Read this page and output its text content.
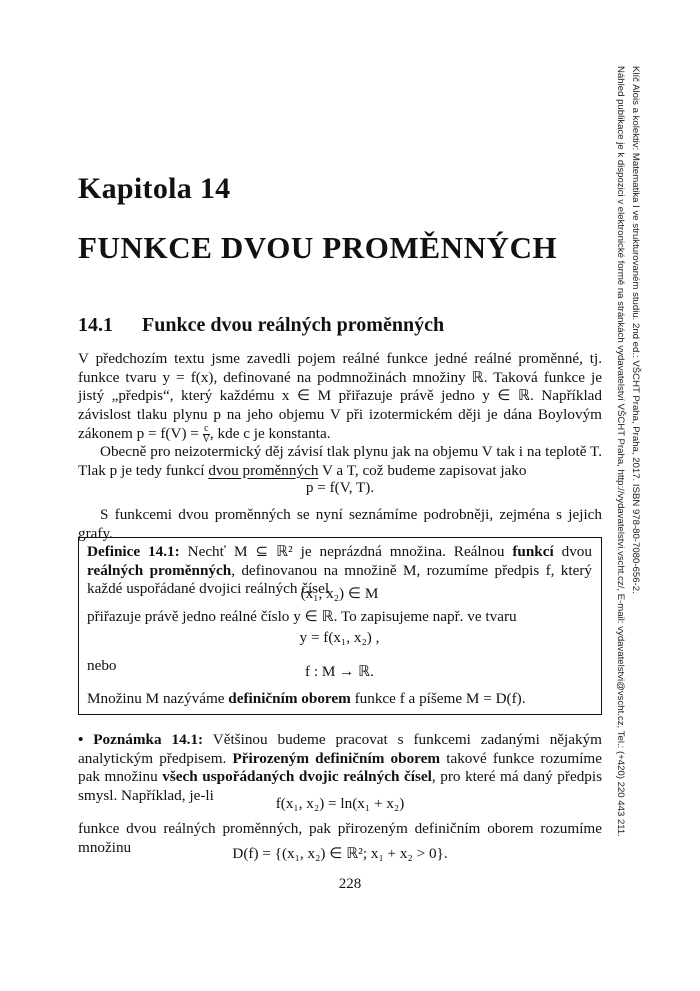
Klíč Alois a kolektiv: Matematika I ve strukturovaném studiu. 2nd ed.: VŠCHT Praha, Praha, 2017. ISBN 978-80-7080-656-2.
Náhled publikace je k dispozici v elektronické formě na stránkách vydavatelství VŠCHT Praha, http://vydavatelstvi.vscht.cz/, E-mail: vydavatelstvi@vscht.cz, Tel.: (+420) 220 443 211.
Kapitola 14
FUNKCE DVOU PROMĚNNÝCH
14.1 Funkce dvou reálných proměnných
V předchozím textu jsme zavedli pojem reálné funkce jedné reálné proměnné, tj. funkce tvaru y = f(x), definované na podmnožinách množiny ℝ. Taková funkce je jistý „předpis“, který každému x ∈ M přiřazuje právě jedno y ∈ ℝ. Například závislost tlaku plynu p na jeho objemu V při izotermickém ději je dána Boylovým zákonem $p = f(V) = \frac{c}{V}$ , kde c je konstanta.
Obecně pro neizotermický děj závisí tlak plynu jak na objemu V tak i na teplotě T. Tlak p je tedy funkcí dvou proměnných V a T, což budeme zapisovat jako
p = f(V, T).
S funkcemi dvou proměnných se nyní seznámíme podrobněji, zejména s jejich grafy.
Definice 14.1: Nechť M ⊆ ℝ² je neprázdná množina. Reálnou funkcí dvou reálných proměnných, definovanou na množině M, rozumíme předpis f, který každé uspořádané dvojici reálných čísel
(x₁, x₂) ∈ M
přiřazuje právě jedno reálné číslo y ∈ ℝ. To zapisujeme např. ve tvaru
y = f(x₁, x₂) ,
nebo	f : M → ℝ.
Množinu M nazýváme definičním oborem funkce f a píšeme M = D(f).
• Poznámka 14.1: Většinou budeme pracovat s funkcemi zadanými nějakým analytickým předpisem. Přirozeným definičním oborem takové funkce rozumíme pak množinu všech uspořádaných dvojic reálných čísel, pro které má daný předpis smysl. Například, je-li	f(x₁, x₂) = ln(x₁ + x₂)
funkce dvou reálných proměnných, pak přirozeným definičním oborem rozumíme množinu	D(f) = {(x₁, x₂) ∈ ℝ²; x₁ + x₂ > 0}.
228
